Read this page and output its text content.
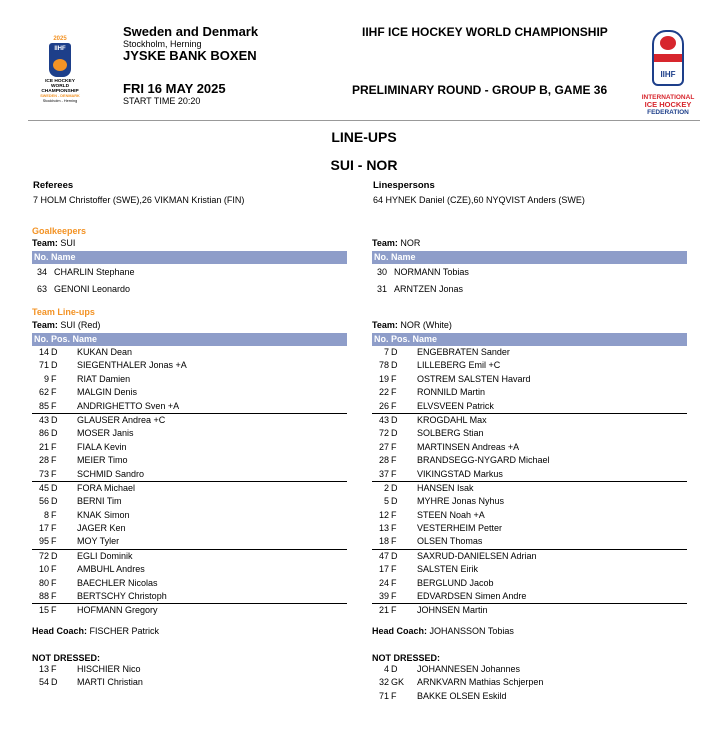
2025
IIHF
ICE HOCKEY
WORLD
CHAMPIONSHIP
SWEDEN - DENMARK
Stockholm - Herning
Sweden and Denmark
Stockholm, Herning
JYSKE BANK BOXEN
FRI 16 MAY 2025
START TIME 20:20
IIHF ICE HOCKEY WORLD CHAMPIONSHIP
PRELIMINARY ROUND - GROUP B, GAME 36
IIHF
INTERNATIONAL
ICE HOCKEY
FEDERATION
LINE-UPS
SUI - NOR
Referees
7 HOLM Christoffer (SWE),26 VIKMAN Kristian (FIN)
Linespersons
64 HYNEK Daniel (CZE),60 NYQVIST Anders (SWE)
Goalkeepers
Team: SUI
No. Name
34 CHARLIN Stephane
63 GENONI Leonardo
Team: NOR
No. Name
30 NORMANN Tobias
31 ARNTZEN Jonas
Team Line-ups
Team: SUI (Red)
No. Pos. Name
14 D KUKAN Dean
71 D SIEGENTHALER Jonas +A
9 F RIAT Damien
62 F MALGIN Denis
85 F ANDRIGHETTO Sven +A
43 D GLAUSER Andrea +C
86 D MOSER Janis
21 F FIALA Kevin
28 F MEIER Timo
73 F SCHMID Sandro
45 D FORA Michael
56 D BERNI Tim
8 F KNAK Simon
17 F JAGER Ken
95 F MOY Tyler
72 D EGLI Dominik
10 F AMBUHL Andres
80 F BAECHLER Nicolas
88 F BERTSCHY Christoph
15 F HOFMANN Gregory
Head Coach: FISCHER Patrick
NOT DRESSED:
13 F HISCHIER Nico
54 D MARTI Christian
Team: NOR (White)
No. Pos. Name
7 D ENGEBRATEN Sander
78 D LILLEBERG Emil +C
19 F OSTREM SALSTEN Havard
22 F RONNILD Martin
26 F ELVSVEEN Patrick
43 D KROGDAHL Max
72 D SOLBERG Stian
27 F MARTINSEN Andreas +A
28 F BRANDSEGG-NYGARD Michael
37 F VIKINGSTAD Markus
2 D HANSEN Isak
5 D MYHRE Jonas Nyhus
12 F STEEN Noah +A
13 F VESTERHEIM Petter
18 F OLSEN Thomas
47 D SAXRUD-DANIELSEN Adrian
17 F SALSTEN Eirik
24 F BERGLUND Jacob
39 F EDVARDSEN Simen Andre
21 F JOHNSEN Martin
Head Coach: JOHANSSON Tobias
NOT DRESSED:
4 D JOHANNESEN Johannes
32 GK ARNKVARN Mathias Schjerpen
71 F BAKKE OLSEN Eskild
